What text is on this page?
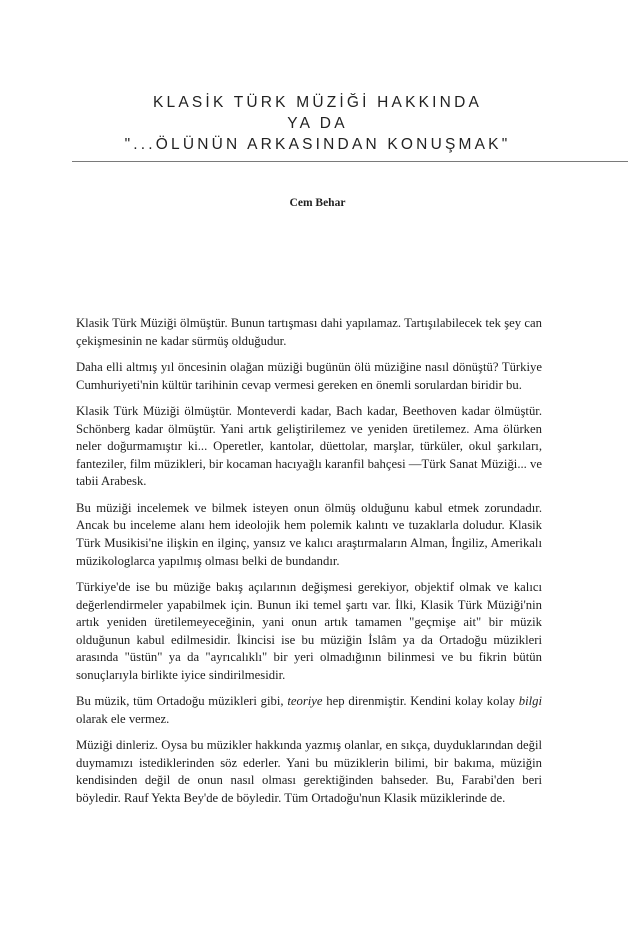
KLASİK TÜRK MÜZİĞİ HAKKINDA
YA DA
"...ÖLÜNÜN ARKASINDAN KONUŞMAK"
Cem Behar

Klasik Türk Müziği ölmüştür. Bunun tartışması dahi yapılamaz. Tartışılabilecek tek şey can çekişmesinin ne kadar sürmüş olduğudur.

Daha elli altmış yıl öncesinin olağan müziği bugünün ölü müziğine nasıl dönüştü? Türkiye Cumhuriyeti'nin kültür tarihinin cevap vermesi gereken en önemli sorulardan biridir bu.

Klasik Türk Müziği ölmüştür. Monteverdi kadar, Bach kadar, Beethoven kadar ölmüştür. Schönberg kadar ölmüştür. Yani artık geliştirilemez ve yeniden üretilemez. Ama ölürken neler doğurmamıştır ki... Operetler, kantolar, düettolar, marşlar, türküler, okul şarkıları, fanteziler, film müzikleri, bir kocaman hacıyağlı karanfil bahçesi —Türk Sanat Müziği... ve tabii Arabesk.

Bu müziği incelemek ve bilmek isteyen onun ölmüş olduğunu kabul etmek zorundadır. Ancak bu inceleme alanı hem ideolojik hem polemik kalıntı ve tuzaklarla doludur. Klasik Türk Musikisi'ne ilişkin en ilginç, yansız ve kalıcı araştırmaların Alman, İngiliz, Amerikalı müzikologlarca yapılmış olması belki de bundandır.

Türkiye'de ise bu müziğe bakış açılarının değişmesi gerekiyor, objektif olmak ve kalıcı değerlendirmeler yapabilmek için. Bunun iki temel şartı var. İlki, Klasik Türk Müziği'nin artık yeniden üretilemeyeceğinin, yani onun artık tamamen "geçmişe ait" bir müzik olduğunun kabul edilmesidir. İkincisi ise bu müziğin İslâm ya da Ortadoğu müzikleri arasında "üstün" ya da "ayrıcalıklı" bir yeri olmadığının bilinmesi ve bu fikrin bütün sonuçlarıyla birlikte iyice sindirilmesidir.

Bu müzik, tüm Ortadoğu müzikleri gibi, teoriye hep direnmiştir. Kendini kolay kolay bilgi olarak ele vermez.

Müziği dinleriz. Oysa bu müzikler hakkında yazmış olanlar, en sıkça, duyduklarından değil duymamızı istediklerinden söz ederler. Yani bu müziklerin bilimi, bir bakıma, müziğin kendisinden değil de onun nasıl olması gerektiğinden bahseder. Bu, Farabi'den beri böyledir. Rauf Yekta Bey'de de böyledir. Tüm Ortadoğu'nun Klasik müziklerinde de.
